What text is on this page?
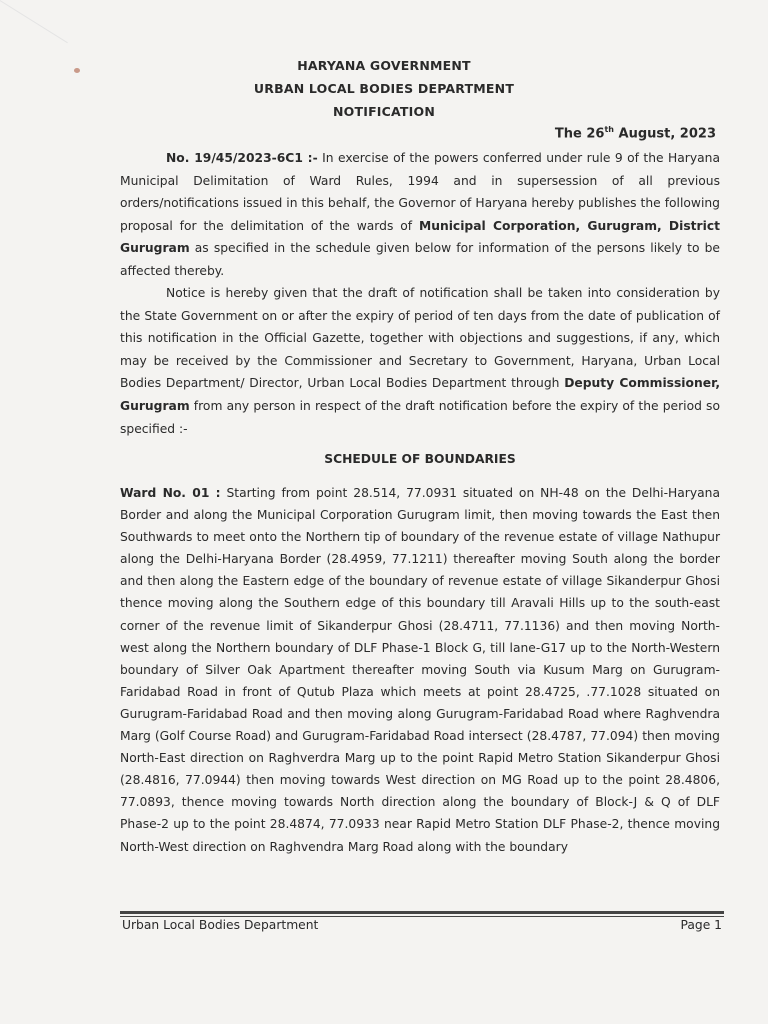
HARYANA GOVERNMENT
URBAN LOCAL BODIES DEPARTMENT
NOTIFICATION
The 26th August, 2023
No. 19/45/2023-6C1 :- In exercise of the powers conferred under rule 9 of the Haryana Municipal Delimitation of Ward Rules, 1994 and in supersession of all previous orders/notifications issued in this behalf, the Governor of Haryana hereby publishes the following proposal for the delimitation of the wards of Municipal Corporation, Gurugram, District Gurugram as specified in the schedule given below for information of the persons likely to be affected thereby.
Notice is hereby given that the draft of notification shall be taken into consideration by the State Government on or after the expiry of period of ten days from the date of publication of this notification in the Official Gazette, together with objections and suggestions, if any, which may be received by the Commissioner and Secretary to Government, Haryana, Urban Local Bodies Department/ Director, Urban Local Bodies Department through Deputy Commissioner, Gurugram from any person in respect of the draft notification before the expiry of the period so specified :-
SCHEDULE OF BOUNDARIES
Ward No. 01 : Starting from point 28.514, 77.0931 situated on NH-48 on the Delhi-Haryana Border and along the Municipal Corporation Gurugram limit, then moving towards the East then Southwards to meet onto the Northern tip of boundary of the revenue estate of village Nathupur along the Delhi-Haryana Border (28.4959, 77.1211) thereafter moving South along the border and then along the Eastern edge of the boundary of revenue estate of village Sikanderpur Ghosi thence moving along the Southern edge of this boundary till Aravali Hills up to the south-east corner of the revenue limit of Sikanderpur Ghosi (28.4711, 77.1136) and then moving North-west along the Northern boundary of DLF Phase-1 Block G, till lane-G17 up to the North-Western boundary of Silver Oak Apartment thereafter moving South via Kusum Marg on Gurugram-Faridabad Road in front of Qutub Plaza which meets at point 28.4725, .77.1028 situated on Gurugram-Faridabad Road and then moving along Gurugram-Faridabad Road where Raghvendra Marg (Golf Course Road) and Gurugram-Faridabad Road intersect (28.4787, 77.094) then moving North-East direction on Raghverdra Marg up to the point Rapid Metro Station Sikanderpur Ghosi (28.4816, 77.0944) then moving towards West direction on MG Road up to the point 28.4806, 77.0893, thence moving towards North direction along the boundary of Block-J & Q of DLF Phase-2 up to the point 28.4874, 77.0933 near Rapid Metro Station DLF Phase-2, thence moving North-West direction on Raghvendra Marg Road along with the boundary
Urban Local Bodies Department	Page 1
